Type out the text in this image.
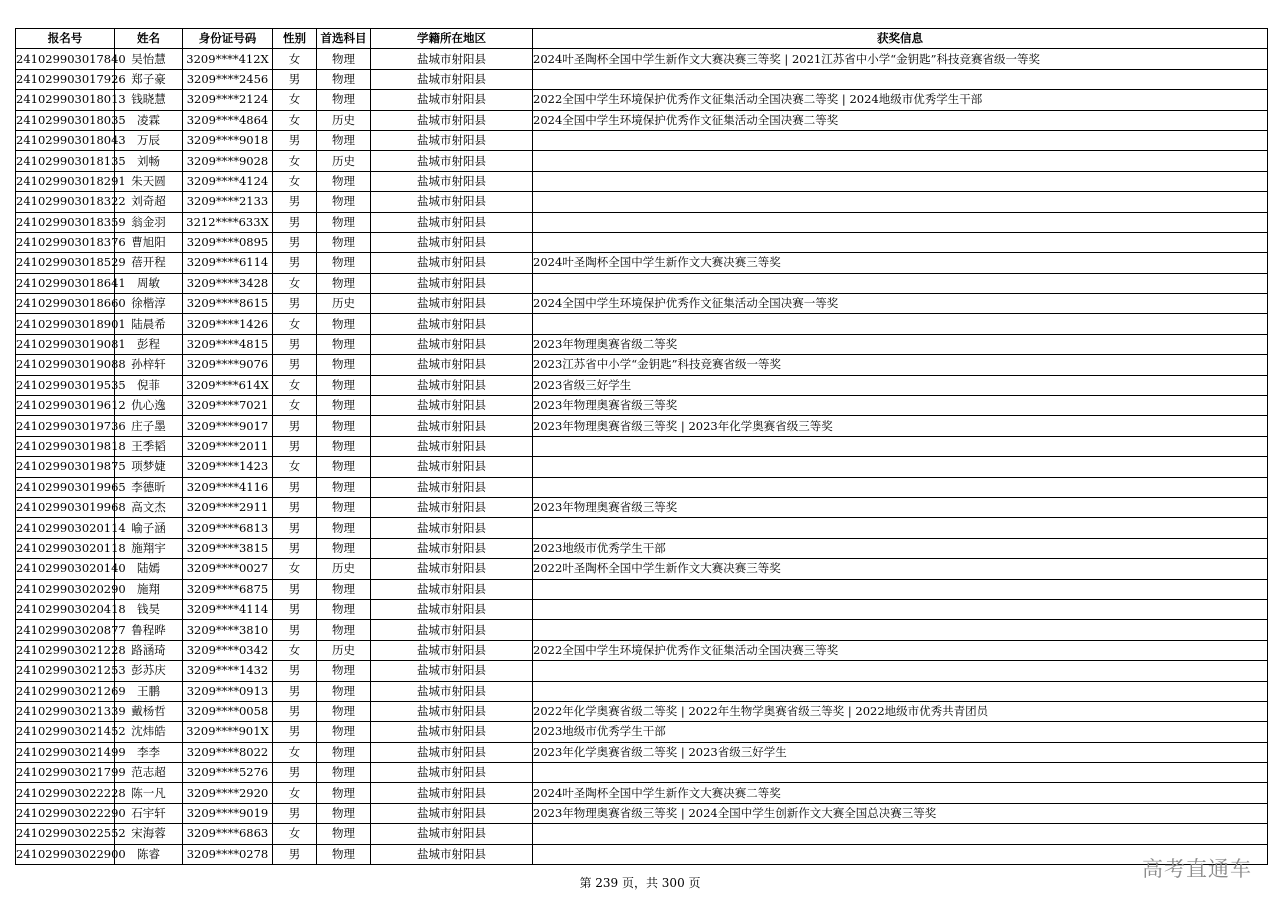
报名号	姓名	身份证号码	性别	首选科目	学籍所在地区	获奖信息
241029903017840	吴怡慧	3209****412X	女	物理	盐城市射阳县	2024叶圣陶杯全国中学生新作文大赛决赛三等奖 | 2021江苏省中小学“金钥匙”科技竞赛省级一等奖
241029903017926	郑子豪	3209****2456	男	物理	盐城市射阳县	
241029903018013	钱晓慧	3209****2124	女	物理	盐城市射阳县	2022全国中学生环境保护优秀作文征集活动全国决赛二等奖 | 2024地级市优秀学生干部
241029903018035	凌霖	3209****4864	女	历史	盐城市射阳县	2024全国中学生环境保护优秀作文征集活动全国决赛二等奖
241029903018043	万辰	3209****9018	男	物理	盐城市射阳县	
241029903018135	刘畅	3209****9028	女	历史	盐城市射阳县	
241029903018291	朱天圆	3209****4124	女	物理	盐城市射阳县	
241029903018322	刘奇超	3209****2133	男	物理	盐城市射阳县	
241029903018359	翁金羽	3212****633X	男	物理	盐城市射阳县	
241029903018376	曹旭阳	3209****0895	男	物理	盐城市射阳县	
241029903018529	蓓开程	3209****6114	男	物理	盐城市射阳县	2024叶圣陶杯全国中学生新作文大赛决赛三等奖
241029903018641	周敏	3209****3428	女	物理	盐城市射阳县	
241029903018660	徐楷淳	3209****8615	男	历史	盐城市射阳县	2024全国中学生环境保护优秀作文征集活动全国决赛一等奖
241029903018901	陆晨希	3209****1426	女	物理	盐城市射阳县	
241029903019081	彭程	3209****4815	男	物理	盐城市射阳县	2023年物理奥赛省级二等奖
241029903019088	孙梓轩	3209****9076	男	物理	盐城市射阳县	2023江苏省中小学“金钥匙”科技竞赛省级一等奖
241029903019535	倪菲	3209****614X	女	物理	盐城市射阳县	2023省级三好学生
241029903019612	仇心逸	3209****7021	女	物理	盐城市射阳县	2023年物理奥赛省级三等奖
241029903019736	庄子墨	3209****9017	男	物理	盐城市射阳县	2023年物理奥赛省级三等奖 | 2023年化学奥赛省级三等奖
241029903019818	王季韬	3209****2011	男	物理	盐城市射阳县	
241029903019875	项梦婕	3209****1423	女	物理	盐城市射阳县	
241029903019965	李德昕	3209****4116	男	物理	盐城市射阳县	
241029903019968	高文杰	3209****2911	男	物理	盐城市射阳县	2023年物理奥赛省级三等奖
241029903020114	喻子涵	3209****6813	男	物理	盐城市射阳县	
241029903020118	施翔宇	3209****3815	男	物理	盐城市射阳县	2023地级市优秀学生干部
241029903020140	陆嫣	3209****0027	女	历史	盐城市射阳县	2022叶圣陶杯全国中学生新作文大赛决赛三等奖
241029903020290	施翔	3209****6875	男	物理	盐城市射阳县	
241029903020418	钱昊	3209****4114	男	物理	盐城市射阳县	
241029903020877	鲁程晔	3209****3810	男	物理	盐城市射阳县	
241029903021228	路涵琦	3209****0342	女	历史	盐城市射阳县	2022全国中学生环境保护优秀作文征集活动全国决赛三等奖
241029903021253	彭苏庆	3209****1432	男	物理	盐城市射阳县	
241029903021269	王鹏	3209****0913	男	物理	盐城市射阳县	
241029903021339	戴杨哲	3209****0058	男	物理	盐城市射阳县	2022年化学奥赛省级二等奖 | 2022年生物学奥赛省级三等奖 | 2022地级市优秀共青团员
241029903021452	沈炜皓	3209****901X	男	物理	盐城市射阳县	2023地级市优秀学生干部
241029903021499	李李	3209****8022	女	物理	盐城市射阳县	2023年化学奥赛省级二等奖 | 2023省级三好学生
241029903021799	范志超	3209****5276	男	物理	盐城市射阳县	
241029903022228	陈一凡	3209****2920	女	物理	盐城市射阳县	2024叶圣陶杯全国中学生新作文大赛决赛二等奖
241029903022290	石宇轩	3209****9019	男	物理	盐城市射阳县	2023年物理奥赛省级三等奖 | 2024全国中学生创新作文大赛全国总决赛三等奖
241029903022552	宋海蓉	3209****6863	女	物理	盐城市射阳县	
241029903022900	陈睿	3209****0278	男	物理	盐城市射阳县	
第 239 页，共 300 页
高考直通车
